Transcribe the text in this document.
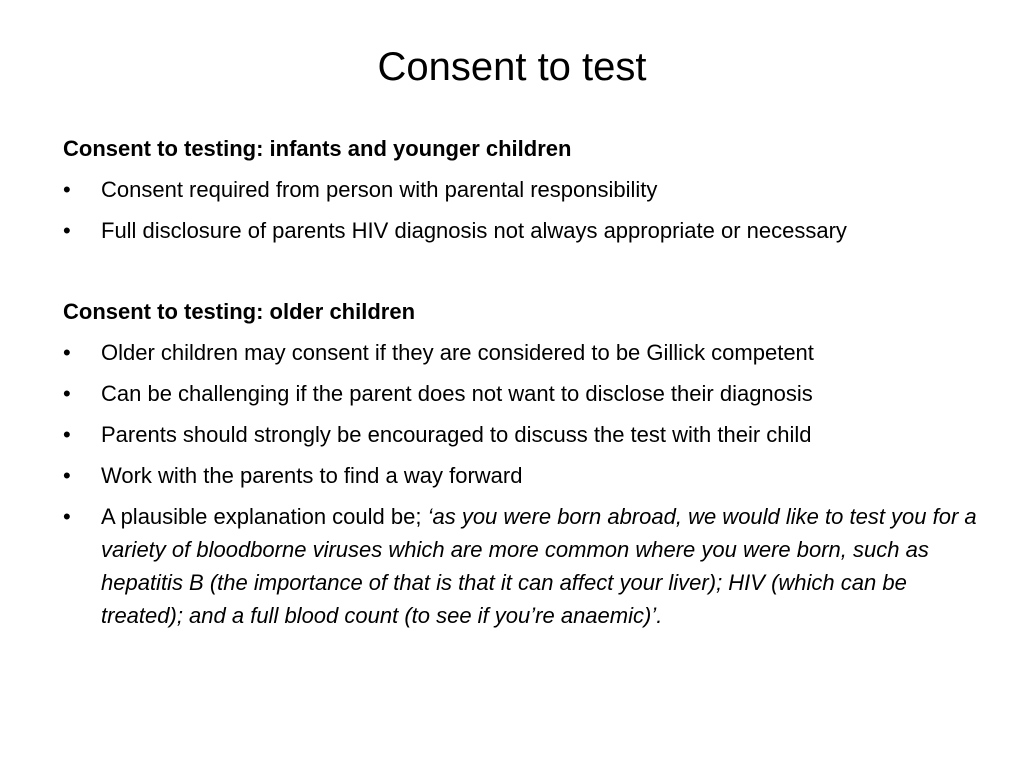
Consent to test
Consent to testing: infants and younger children
• Consent required from person with parental responsibility
• Full disclosure of parents HIV diagnosis not always appropriate or necessary
Consent to testing: older children
• Older children may consent if they are considered to be Gillick competent
• Can be challenging if the parent does not want to disclose their diagnosis
• Parents should strongly be encouraged to discuss the test with their child
• Work with the parents to find a way forward
• A plausible explanation could be; ‘as you were born abroad, we would like to test you for a variety of bloodborne viruses which are more common where you were born, such as hepatitis B (the importance of that is that it can affect your liver); HIV (which can be treated); and a full blood count (to see if you’re anaemic)’.
